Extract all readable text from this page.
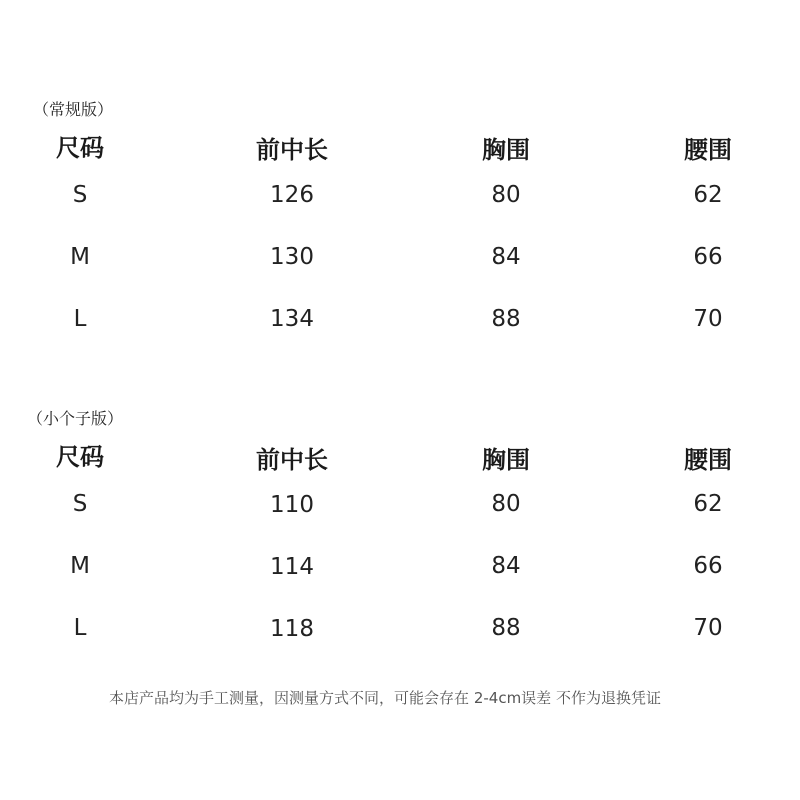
（常规版）
尺码	前中长	胸围	腰围
S	126	80	62
M	130	84	66
L	134	88	70
（小个子版）
尺码	前中长	胸围	腰围
S	110	80	62
M	114	84	66
L	118	88	70
本店产品均为手工测量，因测量方式不同，可能会存在 2-4cm误差 不作为退换凭证
